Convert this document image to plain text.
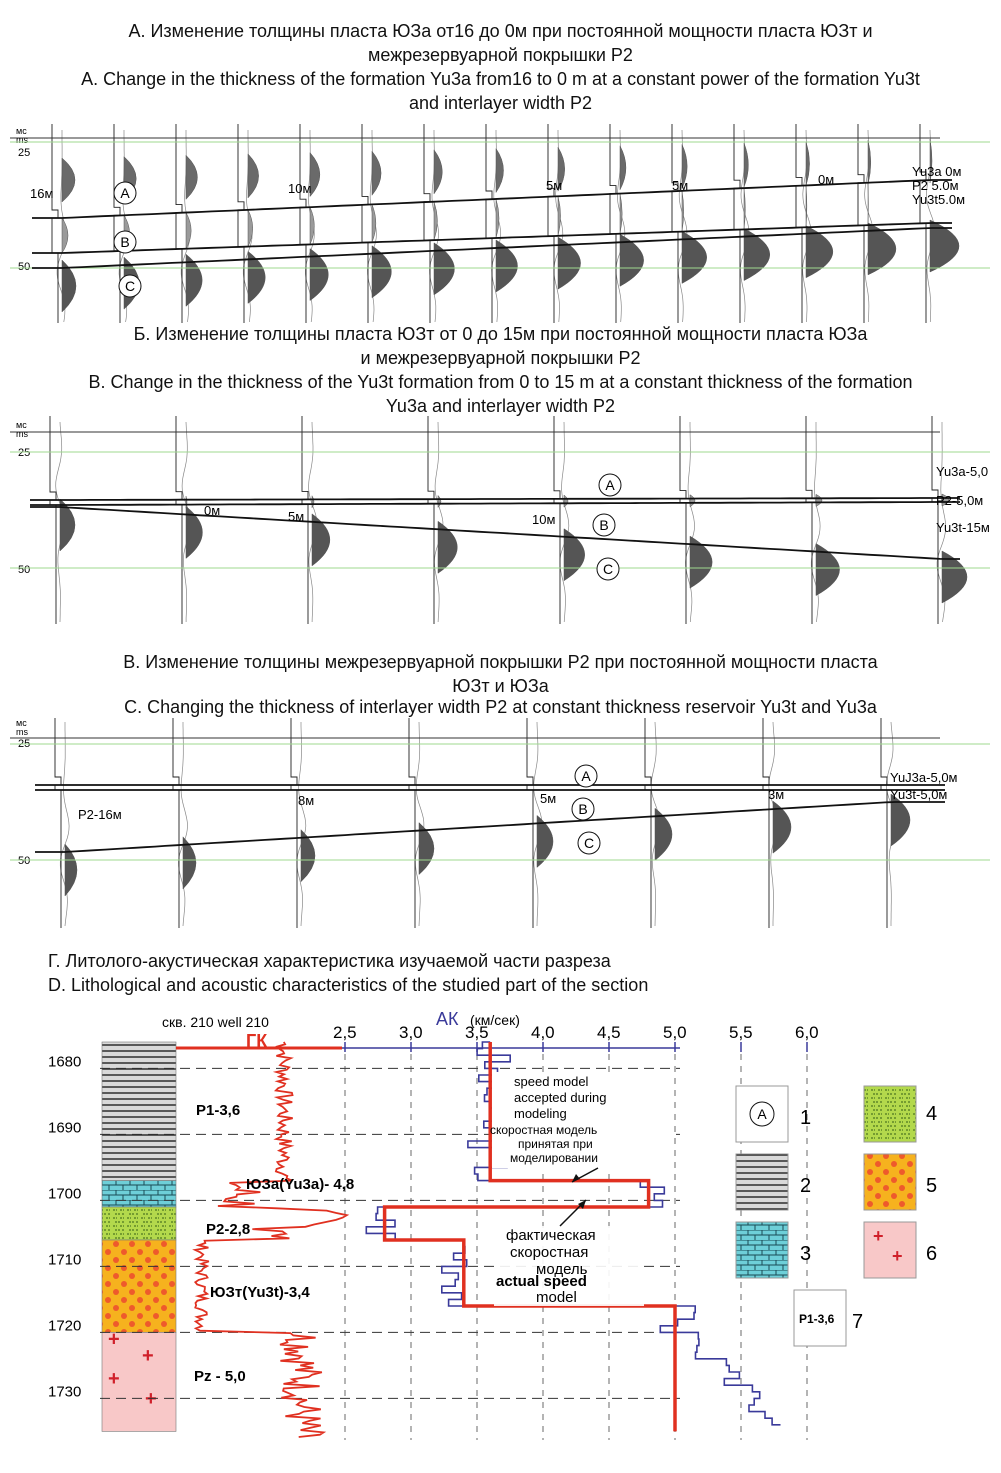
А. Изменение толщины пласта ЮЗа от16 до 0м при постоянной мощности пласта ЮЗт и
межрезервуарной покрышки Р2
A. Change in the thickness of the formation Yu3a from16 to 0 m at a constant power of the formation Yu3t
and interlayer width P2
Б. Изменение толщины пласта ЮЗт от 0 до 15м при постоянной мощности пласта ЮЗа
и межрезервуарной покрышки Р2
B. Change in the thickness of the Yu3t formation from 0 to 15 m at a constant thickness of the formation
Yu3a and interlayer width P2
В. Изменение толщины межрезервуарной покрышки Р2 при постоянной мощности пласта
ЮЗт и ЮЗа
C. Changing the thickness of interlayer width P2 at constant thickness reservoir Yu3t and Yu3a
Г. Литолого-акустическая характеристика изучаемой части разреза
D. Lithological and acoustic characteristics of the studied part of the section
мс
ms
25
50
16м	10м	5м	5м	0м
Yu3a 0м
P2 5.0м
Yu3t5.0м
A
B
C
мс
ms
25
50
0м	5м	10м
Yu3a-5,0
P2-5,0м
Yu3t-15м
A
B
C
мс
ms
25
50
P2-16м
8м	5м	3м
YuJ3a-5,0м
Yu3t-5,0м
A
B
C
скв. 210 well 210
ГК
АК (км/сек)
+
+
+
+
1680
1690
1700
1710
1720
1730
2,5 3,0 3,5 4,0 4,5 5,0 5,5 6,0
P1-3,6
ЮЗа(Yu3a)- 4,8
P2-2,8
ЮЗт(Yu3t)-3,4
Pz - 5,0
speed model
accepted during
modeling
скоростная модель
принятая при
моделировании
фактическая
скоростная
модель
actual speed
model
A 1
2
3
4
5
+
+ 6
P1-3,6 7
